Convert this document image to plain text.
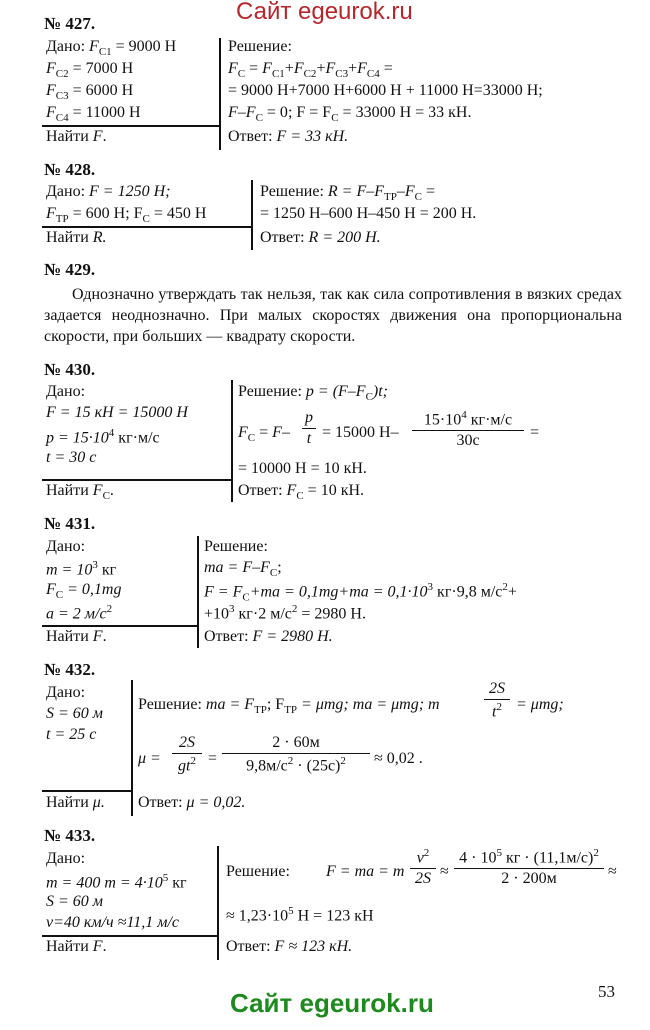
Сайт egeurok.ru
№ 427.
Дано: $F_{C1} = 9000$ Н
$F_{C2} = 7000$ Н
$F_{C3} = 6000$ Н
$F_{C4} = 11000$ Н
Найти F.
Решение:
$F_C = F_{C1}+F_{C2}+F_{C3}+F_{C4}$ =
= 9000 Н+7000 Н+6000 Н + 11000 Н=33000 Н;
$F-F_C = 0$; $F = F_C = 33000$ Н = 33 кН.
Ответ: F = 33 кН.
№ 428.
Дано: F = 1250 Н;
$F_{TP} = 600$ Н; $F_C = 450$ Н
Найти R.
Решение: $R = F-F_{TP}-F_C$ =
= 1250 Н–600 Н–450 Н = 200 Н.
Ответ: R = 200 Н.
№ 429.
Однозначно утверждать так нельзя, так как сила сопротивления в вязких средах задается неоднозначно. При малых скоростях движения она пропорциональна скорости, при больших — квадрату скорости.
№ 430.
Дано:
F = 15 кН = 15000 Н
$p = 15\cdot 10^4$ кг·м/с
t = 30 с
Найти $F_C$.
Решение: $p = (F-F_C)t$;
$F_C = F-$
p
t = 15000 Н–
$15\cdot 10^4$ кг·м/с
30с	=
= 10000 Н = 10 кН.
Ответ: $F_C = 10$ кН.
№ 431.
Дано:
$m = 10^3$ кг
$F_C = 0,1mg$
a = 2 $м/с^2$
Найти F.
Решение:
ma = $F-F_C$;
$F = F_C+ma = 0,1mg+ma = 0,1\cdot 10^3$ кг·9,8 $м/с^2+$
$+10^3$ кг·2 $м/с^2 = 2980$ Н.
Ответ: F = 2980 Н.
№ 432.
Дано:
S = 60 м
t = 25 с
Найти μ.
Решение: ma = $F_{TP}$; $F_{TP} = \mu mg$; ma = μmg; m
2S
$t^2 = \mu mg$;
μ =
2S
$gt^2$ =
2 · 60м
$9,8м/с^2 \cdot (25с)^2$	≈ 0,02 .
Ответ: μ = 0,02.
№ 433.
Дано:
m = 400 $т = 4\cdot 10^5$ кг
S = 60 м
v=40 км/ч ≈11,1 м/с
Найти F.
Решение: F = ma = m
$v^2$
2S ≈
$4 \cdot 10^5$ кг · $(11,1м/с)^2$
2 · 200м	≈
≈ $1,23\cdot 10^5$ Н = 123 кН
Ответ: F ≈ 123 кН.
53
Сайт egeurok.ru
